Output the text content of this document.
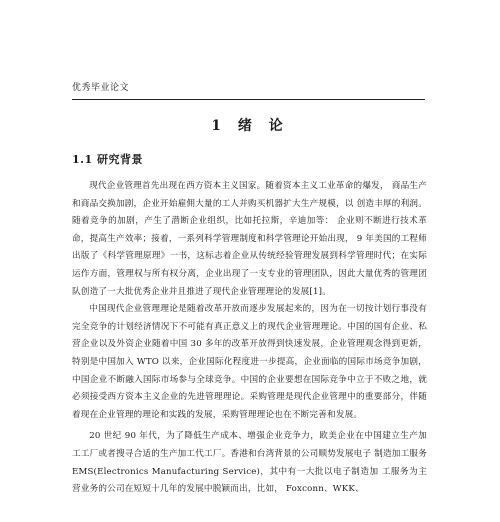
优秀毕业论文
1 绪 论
1.1 研究背景

现代企业管理首先出现在西方资本主义国家。随着资本主义工业革命的爆发， 商品生产和商品交换加剧，企业开始雇佣大量的工人并购买机器扩大生产规模，以 创造丰厚的利润。随着竞争的加剧，产生了潜断企业组织，比如托拉斯，辛迪加等： 企业则不断进行技术革命，提高生产效率；接着，一系列科学管理制度和科学管理论开始出现， 9 年美国的工程师出版了《科学管理原理》一书，这标志着企业从传统经验管理发展到科学管理时代；在实际运作方面，管理权与所有权分离，企业出现了一支专业的管理团队，因此大量优秀的管理团队创造了一大批优秀企业并且推进了现代企业管理理论的发展[1]。

中国现代企业管理理论是随着改革开放而逐步发展起来的，因为在一切按计划行事没有完全竞争的计划经济情况下不可能有真正意义上的现代企业管理理论。中国的国有企业、私营企业以及外资企业随着中国 30 多年的改革开放得到快速发展，企业管理观念得到更新，特别是中国加入 WTO 以来，企业国际化程度进一步提高，企业面临的国际市场竞争加剧，中国企业不断融入国际市场参与全球竞争。中国的企业要想在国际竞争中立于不败之地，就必须接受西方资本主义企业的先进管理理论。采购管理是现代企业管理中的重要部分，伴随着现在企业管理的理论和实践的发展，采购管理理论也在不断完善和发展。

20 世纪 90 年代，为了降低生产成本、增强企业竞争力，欧美企业在中国建立生产加工工厂或者搜寻合适的生产加工代工厂。香港和台湾背景的公司顺势发展电子 制造加工服务 EMS(Electronics Manufacturing Service)，其中有一大批以电子制造加 工服务为主营业务的公司在短短十几年的发展中脱颖而出，比如， Foxconn、WKK、
